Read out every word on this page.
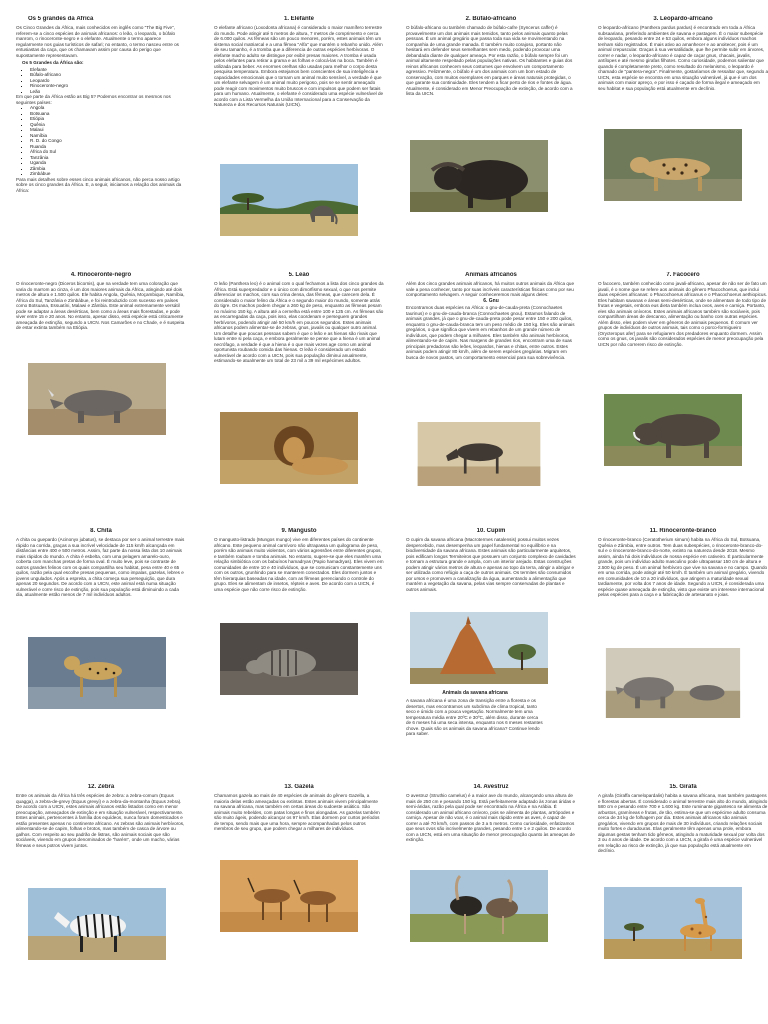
Os 5 grandes da África

Os Cinco Grandes da África, mais conhecidos em inglês como "The Big Five", referem-se a cinco espécies de animais africanos: o leão, o leopardo, o búfalo manrom, o rinoceronte-negro e o elefante. Atualmente o termo aparece regularmente nos guias turísticos de safari; no entanto, o termo nasceu entre os entusiastas da caça, que os chamavam assim por causa do perigo que supostamente representavam.

Os 5 Grandes da África são:

▪ Elefante
▪ Búfalo-africano
▪ Leopardo
▪ Rinoceronte-negro
▪ Leão

Em que parte da África estão as Big 5? Podemos encontrar os mesmos nos seguintes países:

▪ Angola
▪ Botsuana
▪ Etiópia
▪ Quênia
▪ Malaui
▪ Namíbia
▪ R. D. do Congo
▪ Ruanda
▪ África do Sul
▪ Tanzânia
▪ Uganda
▪ Zâmbia
▪ Zimbábue

Para mais detalhes sobre esses cinco animais africanos, não perca nosso artigo sobre os cinco grandes da África. E, a seguir, iniciamos a relação dos animais da África:

1. Elefante

O elefante africano (Loxodonta africana) é considerado o maior mamífero terrestre do mundo. Pode atingir até 5 metros de altura, 7 metros de comprimento e cerca de 6.000 quilos. As fêmeas são um pouco menores, porém, estes animais têm um sistema social matriarcal e a uma fêmea "Alfa" que mantém o rebanho unido. Além de seu tamanho, é a tromba que a diferencia de outras espécies herbívoras. O elefante macho adulto se distingue por exibir presas maiores. A tromba é usada pelos elefantes para retirar a grama e as folhas e colocá-las na boca. Também é utilizada para beber. As enormes orelhas são usadas para melhor o corpo desta pesquisa temperatura. Embora estejamos bem conscientes de sua inteligência e capacidades emocionais que o tornam um animal muito sensível, a verdade é que um elefante selvagem é um animal muito perigoso, pois se se sentir ameaçado pode reagir com movimentos muito bruscos e com impulsos que podem ser fatais para um humano. Atualmente, o elefante é considerado uma espécie vulnerável de acordo com a Lista Vermelha da União Internacional para a Conservação da Natureza e dos Recursos Naturais (UICN).

2. Búfalo-africano

O búfalo-africano ou também chamado de búfalo-cafre (Syncerus caffer) é provavelmente um dos animais mais temidos, tanto pelos animais quanto pelas pessoas. É um animal gregário que passa toda sua vida se movimentando na companhia de uma grande manada. É também muito corajoso, portanto não hesitará em defender seus semelhantes sem medo, podendo provocar uma debandada diante de qualquer ameaça. Por esta razão, o búfalo sempre foi um animal altamente respeitado pelas populações nativas. Os habitantes e guias dos reinos africanos conhecem seus costumes que envolvem um comportamento agressivo. Felizmente, o búfalo é um dos animais com um bom estado de conservação, com muitos exemplares em parques e áreas naturais protegidas, o que garante sua continuidade. Eles tendem a ficar perto de rios e fontes de água. Atualmente, é considerado em Menor Preocupação de extinção, de acordo com a lista da UICN.

3. Leopardo-africano

O leopardo-africano (Panthera pardus pardus) é encontrado em toda a África subsaariana, preferindo ambientes de savana e pastagem. É o maior subespécie de leopardo, pesando entre 24 e 53 quilos, embora alguns indivíduos machos tenham sido registrados. É mais ativo ao amanhecer e ao anoitecer, pois é um animal crepuscular. Graças à sua versatilidade, que lhe permite subir em árvores, correr e nadar, o leopardo-africano é capaz de caçar gnus, chacais, javalis, antílopes e até mesmo girafas filhotes. Como curiosidade, podemos salientar que quando é completamente preto, como resultado do melanismo, o leopardo é chamado de "pantera-negra". Finalmente, gostaríamos de ressaltar que, segundo a UICN, esta espécie se encontra em uma situação vulnerável, já que é um dos animais com maior apreço, e por isso é caçado de forma ilegal e ameaçado em seu habitat e sua população está atualmente em declínio.

4. Rinoceronte-negro

O rinoceronte-negro (Diceros bicornis), que na verdade tem uma coloração que varia do marrom ao cinza, é um dos maiores animais da África, atingindo até dois metros de altura e 1.500 quilos. Ele habita Angola, Quênia, Moçambique, Namíbia, África do Sul, Tanzânia e Zimbábue, e foi reintroduzido com sucesso em países como Botsuana, Essuatíni, Malawi e Zâmbia. Este animal extremamente versátil pode se adaptar a áreas desérticas, bem como a áreas mais florestadas, e pode viver entre 15 e 20 anos. No entanto, apesar disso, está espécie está criticamente ameaçada de extinção, segundo a UICN. Nos Camarões e no Chade, e é suspeita de estar extinta também na Etiópia.

5. Leão

O leão (Panthera leo) é o animal com o qual fechamos a lista dos cinco grandes da África. Está superpredador e o único com dimorfismo sexual, o que nos permite diferenciar os machos, com sua crina densa, das fêmeas, que carecem dela. É considerado o maior felino da África e o segundo maior do mundo, somente atrás do tigre. Os machos podem chegar a 260 kg de peso, enquanto as fêmeas pesam no máximo 150 kg. A altura até a cernelha está entre 100 e 125 cm. As fêmeas são as encarregadas da caça, pois isso, elas coordenam e perseguem grandes herbívoros, podendo atingir até 50 km/h em poucos segundos. Estes animais africanos podem alimentar-se de zebras, gnus, javalis ou qualquer outro animal. Um detalhe que poucas pessoas sabem é que o leão e as hienas são rivais que lutam entre si pela caça, e embora geralmente se pense que a hiena é um animal necrófago, a verdade é que a hiena é o que mais vezes age como um animal oportunista roubando comida das hienas. O leão é considerado um estado vulnerável de acordo com a UICN, pois sua população diminui anualmente, estimando-se atualmente um total de 23 mil a 39 mil espécimes adultos.

Animais africanos

Além dos cinco grandes animais africanos, há muitos outros animais da África que vale a pena conhecer, tanto por suas incríveis características físicas como por seu comportamento selvagem. A seguir conheceremos mais alguns deles:

6. Gnu

Encontramos duas espécies na África: o gnu-de-cauda-preta (Connochaetes taurinus) e o gnu-de-cauda-branca (Connochaetes gnou). Estamos falando de animais grandes, já que o gnu-de-cauda-preta pode pesar entre 150 e 200 quilos, enquanto o gnu-de-cauda-branca tem um peso médio de 150 kg. Eles são animais gregários, o que significa que vivem em rebanhos de um grande número de indivíduos, que podem chegar a milhares. Eles também são animais herbívoros, alimentando-se de capim. Nas margens de grandes rios, encontram uma de suas principais predadoras são leões, leopardos, hienas e chitas, entre outros. Estes animais podem atingir 80 km/h, além de serem espécies gregárias. Migram em busca de novos pastos, um comportamento essencial para sua sobrevivência.

7. Facocero

O facocero, também conhecido como javali-africano, apesar de não ser de fato um javali, é o nome que se refere aos animais do gênero Phacochoerus, que inclui duas espécies africanas: o Phacochoerus africanus e o Phacochoerus aethiopicus. Eles habitam savanas e áreas semi-desérticas, onde se alimentam de todo tipo de frutas e vegetais, embora eus dieta também inclua ovos, aves e carniça. Portanto, eles são animais onívoros. Estes animais africanos também são sociáveis, pois compartilham áreas de descanso, alimentação ou banho com outras espécies. Além disso, eles podem viver em gêneros de animais pequenos. É comum ver grupos de indivíduos de outros animais, tais como o porco-formigueiro (Orycteropus afer) para se refugiarem dos predadores enquanto dormem. Assim como os gnus, os javalis são considerados espécies de menor preocupação pela UICN por não correrem risco de extinção.

8. Chita

A chita ou guepardo (Acinonyx jubatus), se destaca por ser o animal terrestre mais rápido na corrida, graças a sua incrível velocidade de 115 km/h alcançada em distâncias entre 400 e 500 metros. Assim, faz parte da nossa lista dos 10 animais mais rápidos do mundo. A chita é esbelta, com uma pelagem amarelo-ouro, coberta com manchas pretas de forma oval. É muito leve, pois se contraste de outros grandes felinos com os quais compartilha seu habitat, pesa entre 40 e 65 quilos, razão pela qual escolhe presas pequenas, como impalas, gazelas, lebres e jovens ungulados. Após a espreita, a chita começa sua perseguição, que dura apenas 20 segundos. De acordo com a UICN, este animal está numa situação vulnerável e corre risco de extinção, pois sua população está diminuindo a cada dia, atualmente estão menos de 7 mil indivíduos adultos.

9. Mangusto

O mangusto-listrado (Mungos mungo) vive em diferentes países do continente africano. Este pequeno animal carnívoro não ultrapassa um quilograma de peso, porém são animais muito violentos, com vários agressões entre diferentes grupos, e também roubam e tomba animais. No entanto, sugere-se que eles mantêm uma relação simbiótica com os babuínos hamadryas (Papio hamadryas). Eles vivem em comunidades de entre 10 e 40 indivíduos, que se comunicam constantemente uns com os outros, grunhindo para se manterem conectados. Eles dormem juntos e têm hierarquias baseadas na idade, com as fêmeas gerenciando o controle do grupo. Eles se alimentam de insetos, répteis e aves. De acordo com a UICN, é uma espécie que não corre risco de extinção.

10. Cupim

O cupim da savana africana (Macrotermes natalensis) possui muitos vezes despercebido, mas desempenha um papel fundamental no equilíbrio e na biodiversidade da savana africana. Estes animais são particularmente arquitetos, pois edificam longos Termiteiros que possuem um conjunto complexo de cavidades e tornam a estrutura grande e ampla, com um interior arejado. Estas construções podem atingir vários metros de altura e apenas ao topo da terra, atingir a abrigar e ser utilizada como refúgio a caça de outros animais. Os termites são consumidos por ursos e promovem a canalização da água, aumentando a alimentação que mantém a vegetação da savana, pelas vias sempre conservadas de plantas e outros animais.

Animais da savana africana

A savana africana é uma zona de transição entre a floresta e os desertos, mas encontramos um subclima de clima tropical, tanto seco e úmido com a pouca vegetação. Normalmente tem uma temperatura média entre 20ºC e 30ºC, além disso, durante cerca de 6 meses há uma seca intensa, enquanto nos 6 meses restantes chove. Quais são os animais da savana africana? Continue lendo para saber.

11. Rinoceronte-branco

O rinoceronte-branco (Ceratotherium simum) habita na África do Sul, Botsuana, Quênia e Zâmbia, entre outros. Tem duas subespécies, o rinoceronte-branco-do-sul e o rinoceronte-branco-do-norte, extinto na natureza desde 2018. Mesmo assim, ainda há dois indivíduos de nossa espécie em cativeiro. É particularmente grande, pois um indivíduo adulto masculino pode ultrapassar 150 cm de altura e 2.500 kg de peso. É um animal herbívoro que vive na savana e no campo. Quando em uma corrida, pode atingir até 50 km/h. É também um animal gregário, vivendo em comunidades de 10 a 20 indivíduos, que atingem a maturidade sexual tardiamente, por volta dos 7 anos de idade. Segundo a UICN, é considerada uma espécie quase ameaçada de extinção, visto que existe um interesse internacional pelas espécies para a caça e a fabricação de artesanato e joias.

12. Zebra

Entre os animais da África há três espécies de zebra: a zebra-comum (Equus quagga), a zebra-de-grevy (Equus grevyi) e a zebra-da-montanha (Equus zebra). De acordo com a UICN, estes animais africanos estão listados como em menor preocupação, ameaçados de extinção e em situação vulnerável, respectivamente. Estes animais, pertencentes à família dos equídeos, nunca foram domesticados e estão presentes apenas no continente africano. As zebras são animais herbívoros, alimentando-se de capim, folhas e brotos, mas também de casca de árvore ou galhos. Com respeito ao seu padrão de listras, são animais sociais que são sociáveis, vivendo em grupos denominados de "harém", onde um macho, várias fêmeas e seus potros vivem juntos.

13. Gazela

Chamamos gazela ao mais de 40 espécies de animais do gênero Gazella, a maioria delas estão ameaçadas ou extintas. Estes animais vivem principalmente na savana africana, mas também em certas áreas do sudoeste asiático. São animais muito rebeldes, com patas longas e finos alongadas. As gazelas também são muito ágeis, podendo alcançar os 97 km/h. Elas dormem por curtos períodos de tempo, sendo mais que uma hora, sempre acompanhadas pelos outros membros de seu grupo, que podem chegar a milhares de indivíduos.

14. Avestruz

O avestruz (Struthio camelus) é a maior ave do mundo, alcançando uma altura de mais de 250 cm e pesando 150 kg. Está perfeitamente adaptado às zonas áridas e semi-áridas, razão pela qual pode ser encontrado na África e na Arábia. É considerado um animal africano onívoro, pois se alimenta de plantas, artrópodes e carniça. Apesar de não voar, é o animal mais rápido entre as aves, é capaz de correr a até 70 km/h, com passos de 3 a 5 metros. Como curiosidade, enfatizamos que seus ovos são incrivelmente grandes, pesando entre 1 e 2 quilos. De acordo com a UICN, está em uma situação de menor preocupação quanto às ameaças de extinção.

15. Girafa

A girafa (Giraffa camelopardalis) habita a savana africana, mas também pastagens e florestas abertas. É considerado o animal terrestre mais alto do mundo, atingindo 580 cm e pesando entre 700 e 1.600 kg. Este ruminante gigantesco se alimenta de arbustos, gramíneas e frutas, de tão, estima-se que um espécime adulto consuma cerca de 34 kg de folhagem por dia. Estes animais africanos são animais gregários, vivendo em grupos de mais de 30 indivíduos, criando relações sociais muito fortes e duradouras. Elas geralmente têm apenas uma prole, embora algumas gestas tenham tido gêmeos, atingindo a maturidade sexual por volta dos 3 ou 4 anos de idade. De acordo com a UICN, a girafa é uma espécie vulnerável em relação ao risco de extinção, já que sua população está atualmente em declínio.
